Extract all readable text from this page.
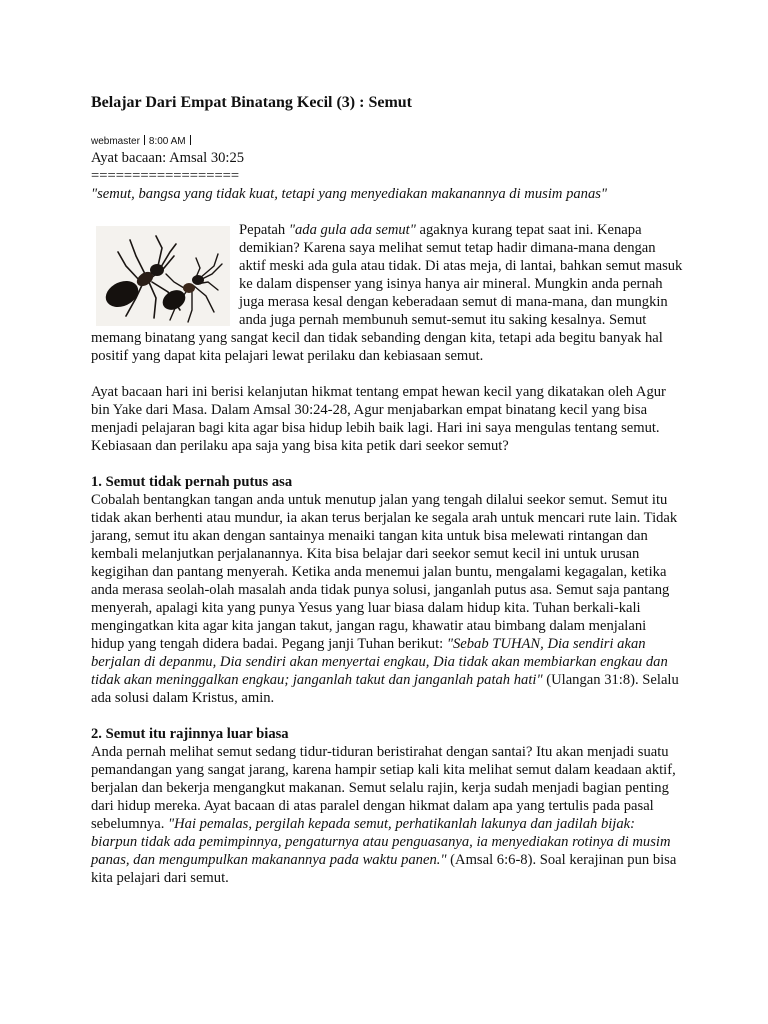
Belajar Dari Empat Binatang Kecil (3) : Semut
webmaster 8:00 AM

Ayat bacaan: Amsal 30:25

==================

"semut, bangsa yang tidak kuat, tetapi yang menyediakan makanannya di musim panas"

Pepatah "ada gula ada semut" agaknya kurang tepat saat ini. Kenapa demikian? Karena saya melihat semut tetap hadir dimana-mana dengan aktif meski ada gula atau tidak. Di atas meja, di lantai, bahkan semut masuk ke dalam dispenser yang isinya hanya air mineral. Mungkin anda pernah juga merasa kesal dengan keberadaan semut di mana-mana, dan mungkin anda juga pernah membunuh semut-semut itu saking kesalnya. Semut memang binatang yang sangat kecil dan tidak sebanding dengan kita, tetapi ada begitu banyak hal positif yang dapat kita pelajari lewat perilaku dan kebiasaan semut.

Ayat bacaan hari ini berisi kelanjutan hikmat tentang empat hewan kecil yang dikatakan oleh Agur bin Yake dari Masa. Dalam Amsal 30:24-28, Agur menjabarkan empat binatang kecil yang bisa menjadi pelajaran bagi kita agar bisa hidup lebih baik lagi. Hari ini saya mengulas tentang semut. Kebiasaan dan perilaku apa saja yang bisa kita petik dari seekor semut?

1. Semut tidak pernah putus asa

Cobalah bentangkan tangan anda untuk menutup jalan yang tengah dilalui seekor semut. Semut itu tidak akan berhenti atau mundur, ia akan terus berjalan ke segala arah untuk mencari rute lain. Tidak jarang, semut itu akan dengan santainya menaiki tangan kita untuk bisa melewati rintangan dan kembali melanjutkan perjalanannya. Kita bisa belajar dari seekor semut kecil ini untuk urusan kegigihan dan pantang menyerah. Ketika anda menemui jalan buntu, mengalami kegagalan, ketika anda merasa seolah-olah masalah anda tidak punya solusi, janganlah putus asa. Semut saja pantang menyerah, apalagi kita yang punya Yesus yang luar biasa dalam hidup kita. Tuhan berkali-kali mengingatkan kita agar kita jangan takut, jangan ragu, khawatir atau bimbang dalam menjalani hidup yang tengah didera badai. Pegang janji Tuhan berikut: "Sebab TUHAN, Dia sendiri akan berjalan di depanmu, Dia sendiri akan menyertai engkau, Dia tidak akan membiarkan engkau dan tidak akan meninggalkan engkau; janganlah takut dan janganlah patah hati" (Ulangan 31:8). Selalu ada solusi dalam Kristus, amin.

2. Semut itu rajinnya luar biasa

Anda pernah melihat semut sedang tidur-tiduran beristirahat dengan santai? Itu akan menjadi suatu pemandangan yang sangat jarang, karena hampir setiap kali kita melihat semut dalam keadaan aktif, berjalan dan bekerja mengangkut makanan. Semut selalu rajin, kerja sudah menjadi bagian penting dari hidup mereka. Ayat bacaan di atas paralel dengan hikmat dalam apa yang tertulis pada pasal sebelumnya. "Hai pemalas, pergilah kepada semut, perhatikanlah lakunya dan jadilah bijak: biarpun tidak ada pemimpinnya, pengaturnya atau penguasanya, ia menyediakan rotinya di musim panas, dan mengumpulkan makanannya pada waktu panen." (Amsal 6:6-8). Soal kerajinan pun bisa kita pelajari dari semut.
